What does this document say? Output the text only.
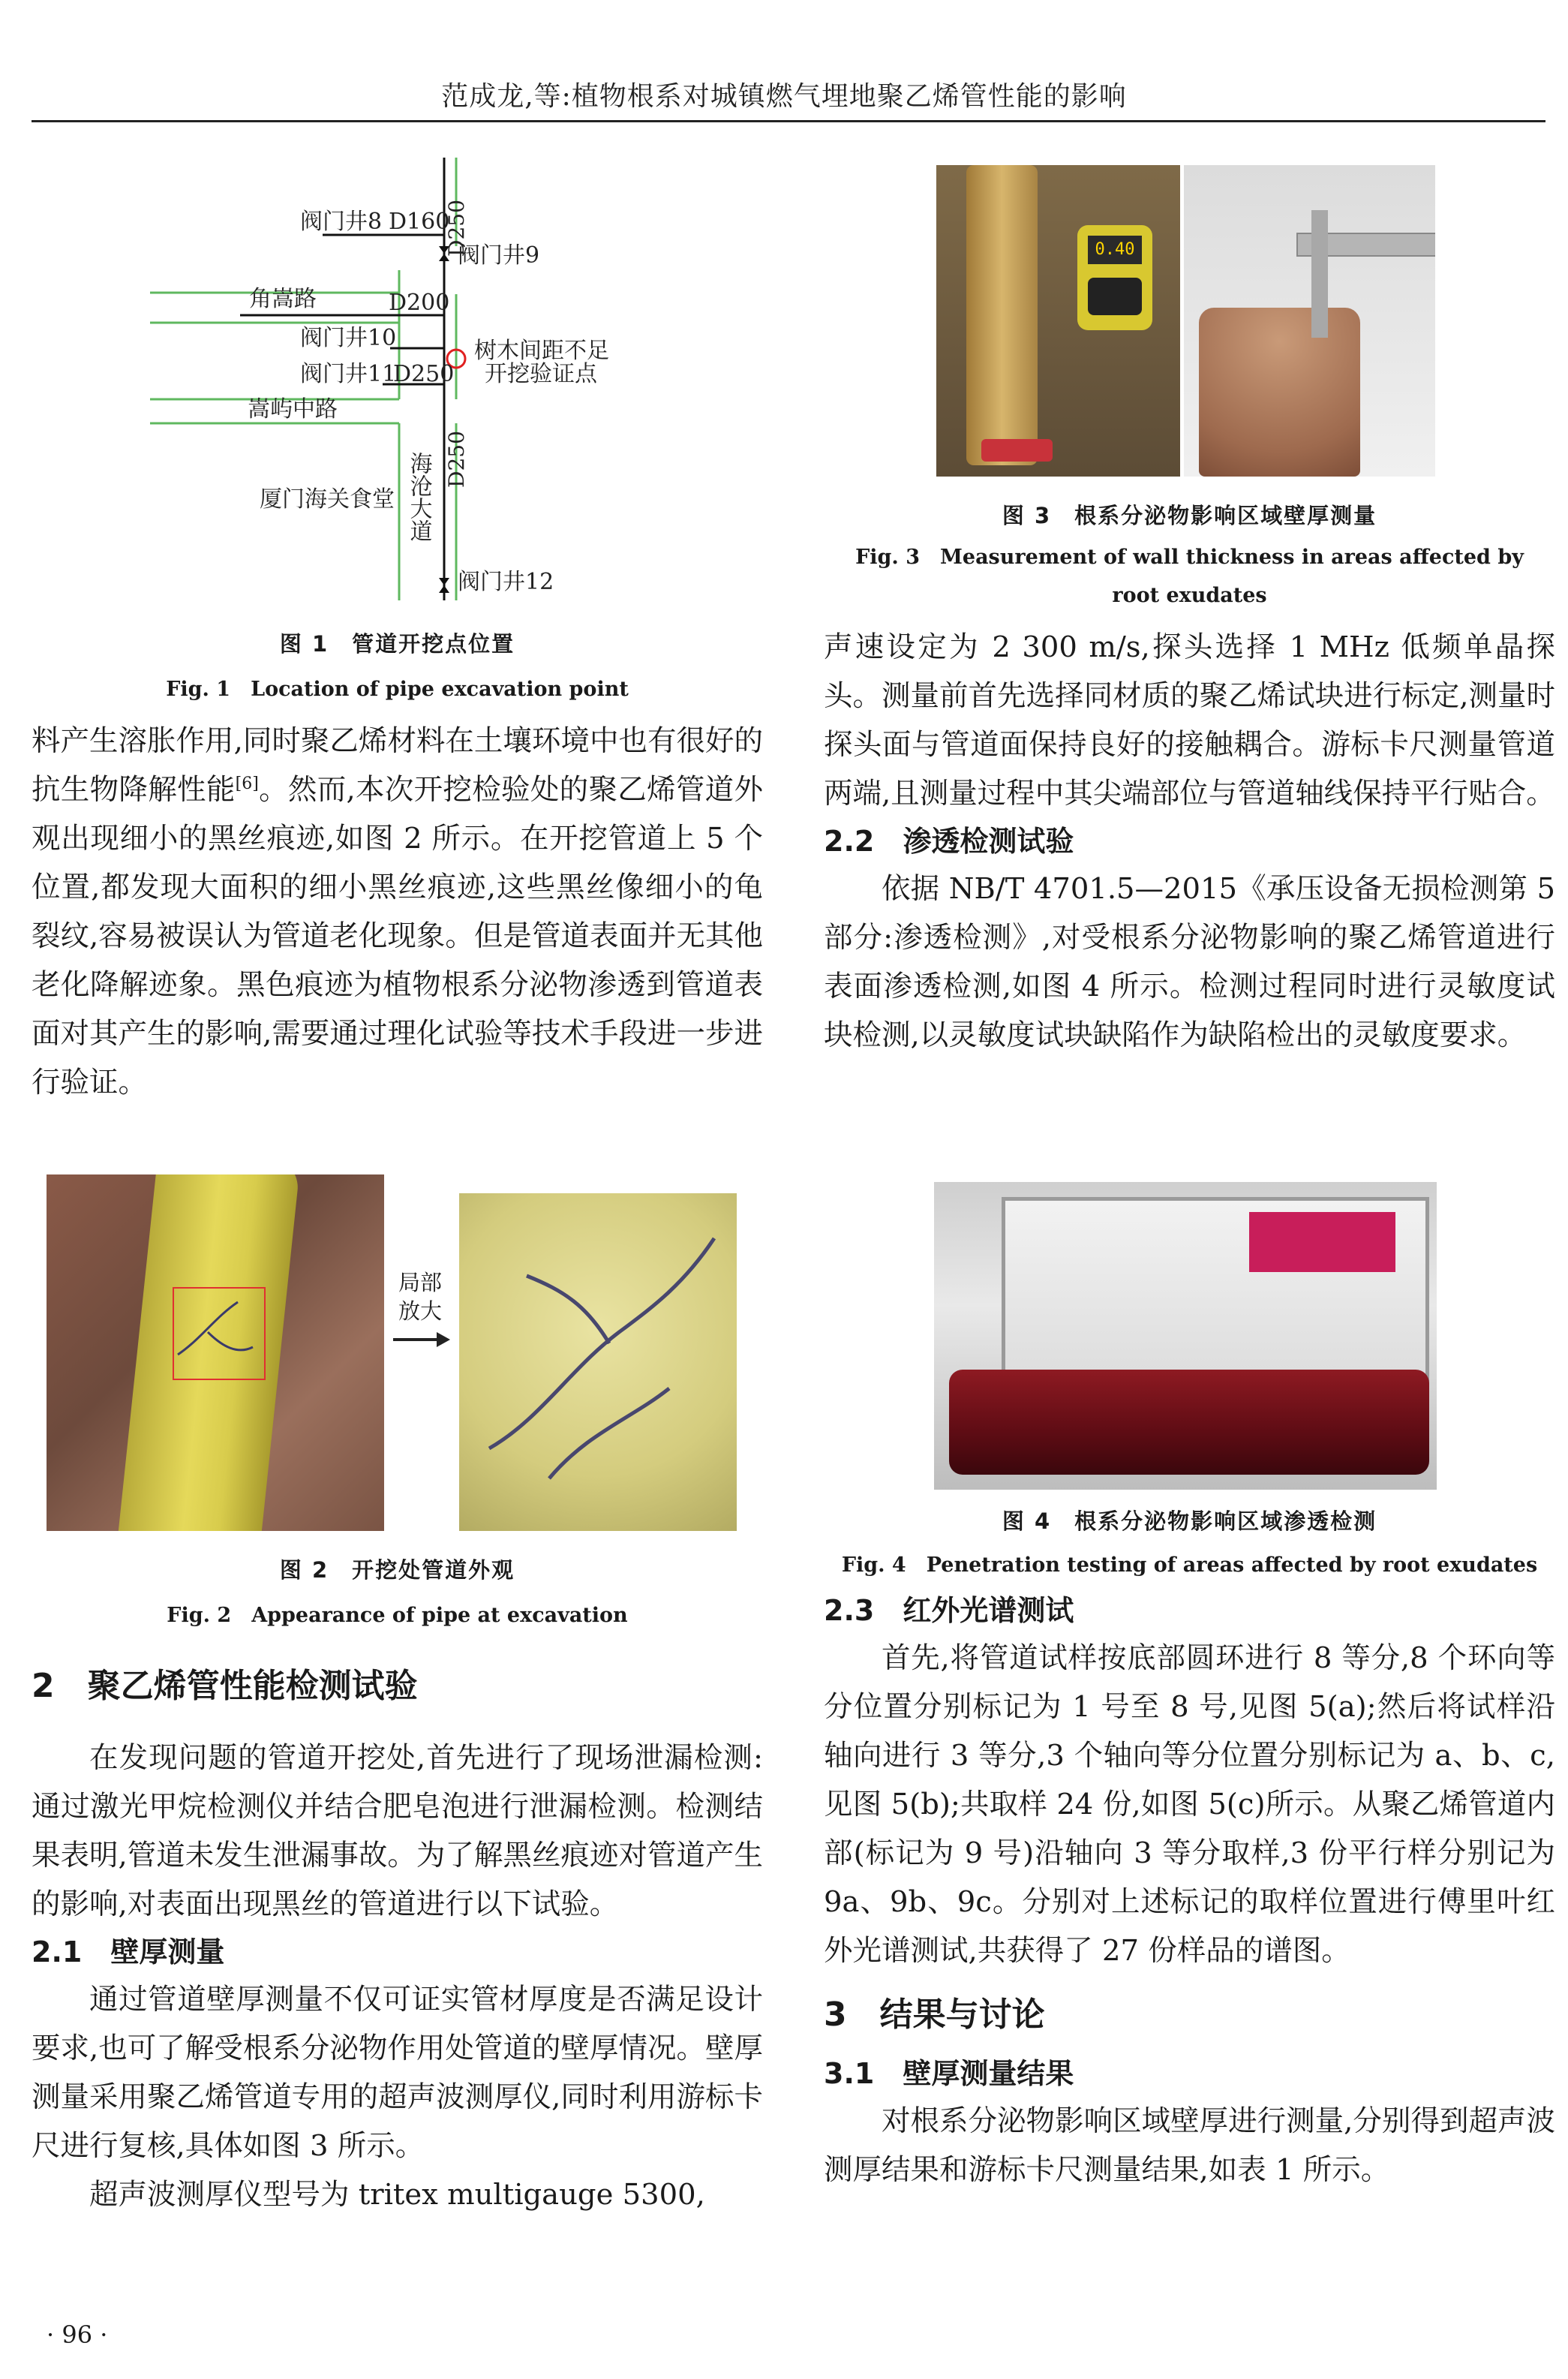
范成龙,等:植物根系对城镇燃气埋地聚乙烯管性能的影响
阀门井8 D160
D250
阀门井9
角嵩路	D200
阀门井10	树木间距不足
阀门井11
D250 开挖验证点
嵩屿中路
D250
厦门海关食堂
阀门井12
海沧大道
图 1　管道开挖点位置
Fig. 1　Location of pipe excavation point

料产生溶胀作用,同时聚乙烯材料在土壤环境中也有很好的抗生物降解性能[6]。然而,本次开挖检验处的聚乙烯管道外观出现细小的黑丝痕迹,如图 2 所示。在开挖管道上 5 个位置,都发现大面积的细小黑丝痕迹,这些黑丝像细小的龟裂纹,容易被误认为管道老化现象。但是管道表面并无其他老化降解迹象。黑色痕迹为植物根系分泌物渗透到管道表面对其产生的影响,需要通过理化试验等技术手段进一步进行验证。

局部放大
图 2　开挖处管道外观
Fig. 2　Appearance of pipe at excavation
2　聚乙烯管性能检测试验

在发现问题的管道开挖处,首先进行了现场泄漏检测:通过激光甲烷检测仪并结合肥皂泡进行泄漏检测。检测结果表明,管道未发生泄漏事故。为了解黑丝痕迹对管道产生的影响,对表面出现黑丝的管道进行以下试验。

2.1　壁厚测量

通过管道壁厚测量不仅可证实管材厚度是否满足设计要求,也可了解受根系分泌物作用处管道的壁厚情况。壁厚测量采用聚乙烯管道专用的超声波测厚仪,同时利用游标卡尺进行复核,具体如图 3 所示。

超声波测厚仪型号为 tritex multigauge 5300,

· 96 ·
0.40
图 3　根系分泌物影响区域壁厚测量
Fig. 3　Measurement of wall thickness in areas affected by
root exudates

声速设定为 2 300 m/s,探头选择 1 MHz 低频单晶探头。测量前首先选择同材质的聚乙烯试块进行标定,测量时探头面与管道面保持良好的接触耦合。游标卡尺测量管道两端,且测量过程中其尖端部位与管道轴线保持平行贴合。

2.2　渗透检测试验

依据 NB/T 4701.5—2015《承压设备无损检测第 5 部分:渗透检测》,对受根系分泌物影响的聚乙烯管道进行表面渗透检测,如图 4 所示。检测过程同时进行灵敏度试块检测,以灵敏度试块缺陷作为缺陷检出的灵敏度要求。

图 4　根系分泌物影响区域渗透检测
Fig. 4　Penetration testing of areas affected by root exudates
2.3　红外光谱测试

首先,将管道试样按底部圆环进行 8 等分,8 个环向等分位置分别标记为 1 号至 8 号,见图 5(a);然后将试样沿轴向进行 3 等分,3 个轴向等分位置分别标记为 a、b、c,见图 5(b);共取样 24 份,如图 5(c)所示。从聚乙烯管道内部(标记为 9 号)沿轴向 3 等分取样,3 份平行样分别记为 9a、9b、9c。分别对上述标记的取样位置进行傅里叶红外光谱测试,共获得了 27 份样品的谱图。

3　结果与讨论
3.1　壁厚测量结果

对根系分泌物影响区域壁厚进行测量,分别得到超声波测厚结果和游标卡尺测量结果,如表 1 所示。
